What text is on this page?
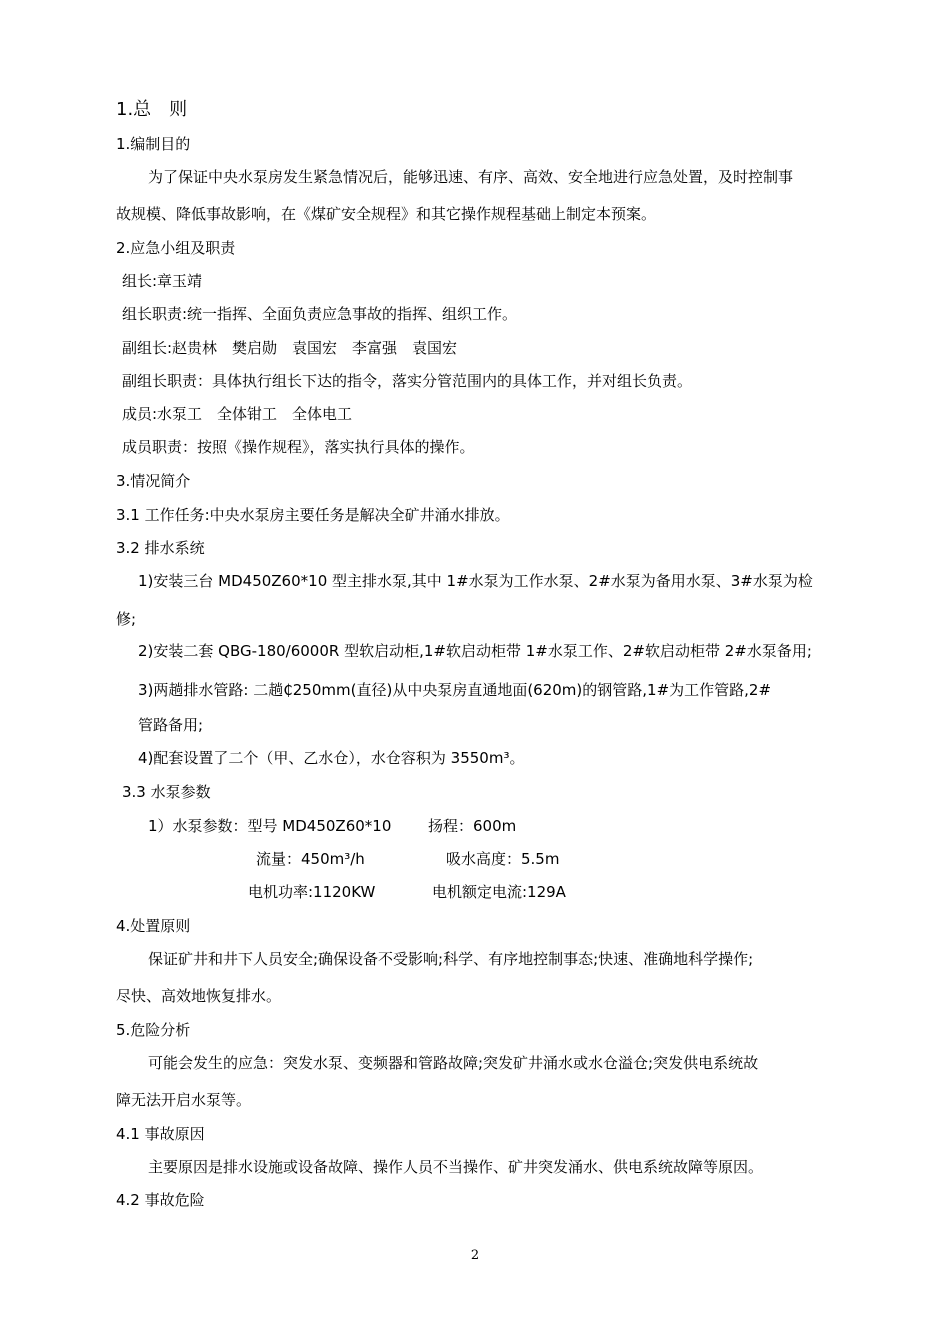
1.总　则
1.编制目的
为了保证中央水泵房发生紧急情况后，能够迅速、有序、高效、安全地进行应急处置，及时控制事
故规模、降低事故影响，在《煤矿安全规程》和其它操作规程基础上制定本预案。
2.应急小组及职责
组长:章玉靖
组长职责:统一指挥、全面负责应急事故的指挥、组织工作。
副组长:赵贵林　樊启勋　袁国宏　李富强　袁国宏
副组长职责：具体执行组长下达的指令，落实分管范围内的具体工作，并对组长负责。
成员:水泵工　全体钳工　全体电工
成员职责：按照《操作规程》，落实执行具体的操作。
3.情况简介
3.1 工作任务:中央水泵房主要任务是解决全矿井涌水排放。
3.2 排水系统
1)安装三台 MD450Z60*10 型主排水泵,其中 1#水泵为工作水泵、2#水泵为备用水泵、3#水泵为检
修;
2)安装二套 QBG-180/6000R 型软启动柜,1#软启动柜带 1#水泵工作、2#软启动柜带 2#水泵备用;
3)两趟排水管路: 二趟₵250mm(直径)从中央泵房直通地面(620m)的钢管路,1#为工作管路,2#
管路备用;
4)配套设置了二个（甲、乙水仓），水仓容积为 3550m³。
3.3 水泵参数
1）水泵参数：型号 MD450Z60*10 扬程：600m
流量：450m³/h	吸水高度：5.5m
电机功率:1120KW	电机额定电流:129A
4.处置原则
保证矿井和井下人员安全;确保设备不受影响;科学、有序地控制事态;快速、准确地科学操作;
尽快、高效地恢复排水。
5.危险分析
可能会发生的应急：突发水泵、变频器和管路故障;突发矿井涌水或水仓溢仓;突发供电系统故
障无法开启水泵等。
4.1 事故原因
主要原因是排水设施或设备故障、操作人员不当操作、矿井突发涌水、供电系统故障等原因。
4.2 事故危险
2
